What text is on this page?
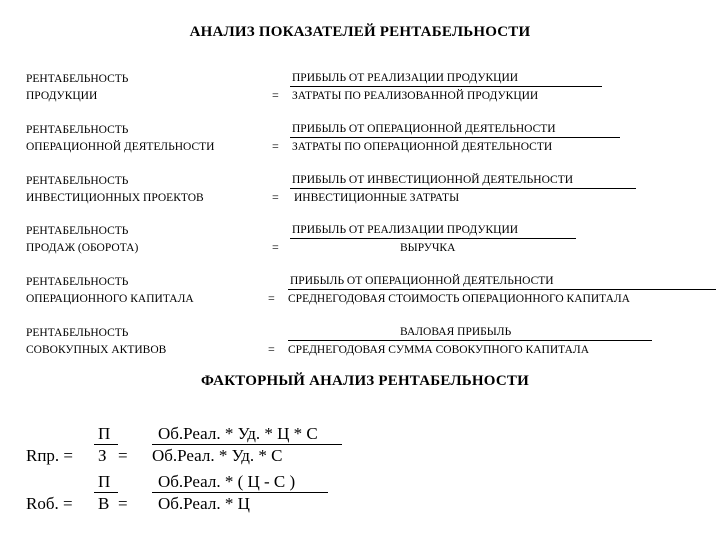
АНАЛИЗ ПОКАЗАТЕЛЕЙ РЕНТАБЕЛЬНОСТИ
РЕНТАБЕЛЬНОСТЬ
ПРОДУКЦИИ	=
ПРИБЫЛЬ ОТ РЕАЛИЗАЦИИ ПРОДУКЦИИ
ЗАТРАТЫ ПО РЕАЛИЗОВАННОЙ ПРОДУКЦИИ
РЕНТАБЕЛЬНОСТЬ
ОПЕРАЦИОННОЙ ДЕЯТЕЛЬНОСТИ	=
ПРИБЫЛЬ ОТ ОПЕРАЦИОННОЙ ДЕЯТЕЛЬНОСТИ
ЗАТРАТЫ ПО ОПЕРАЦИОННОЙ ДЕЯТЕЛЬНОСТИ
РЕНТАБЕЛЬНОСТЬ
ИНВЕСТИЦИОННЫХ ПРОЕКТОВ	=
ПРИБЫЛЬ ОТ ИНВЕСТИЦИОННОЙ ДЕЯТЕЛЬНОСТИ
ИНВЕСТИЦИОННЫЕ ЗАТРАТЫ
РЕНТАБЕЛЬНОСТЬ
ПРОДАЖ (ОБОРОТА)	=
ПРИБЫЛЬ ОТ РЕАЛИЗАЦИИ ПРОДУКЦИИ
ВЫРУЧКА
РЕНТАБЕЛЬНОСТЬ
ОПЕРАЦИОННОГО КАПИТАЛА	=
ПРИБЫЛЬ ОТ ОПЕРАЦИОННОЙ ДЕЯТЕЛЬНОСТИ
СРЕДНЕГОДОВАЯ СТОИМОСТЬ ОПЕРАЦИОННОГО КАПИТАЛА
РЕНТАБЕЛЬНОСТЬ
СОВОКУПНЫХ АКТИВОВ	=
ВАЛОВАЯ ПРИБЫЛЬ
СРЕДНЕГОДОВАЯ СУММА СОВОКУПНОГО КАПИТАЛА
ФАКТОРНЫЙ АНАЛИЗ РЕНТАБЕЛЬНОСТИ
П
Rпр. = З =
Об.Реал. * Уд. * Ц * С
Об.Реал. * Уд. * С
П
Rоб. = В =
Об.Реал. * ( Ц - С )
Об.Реал. * Ц
